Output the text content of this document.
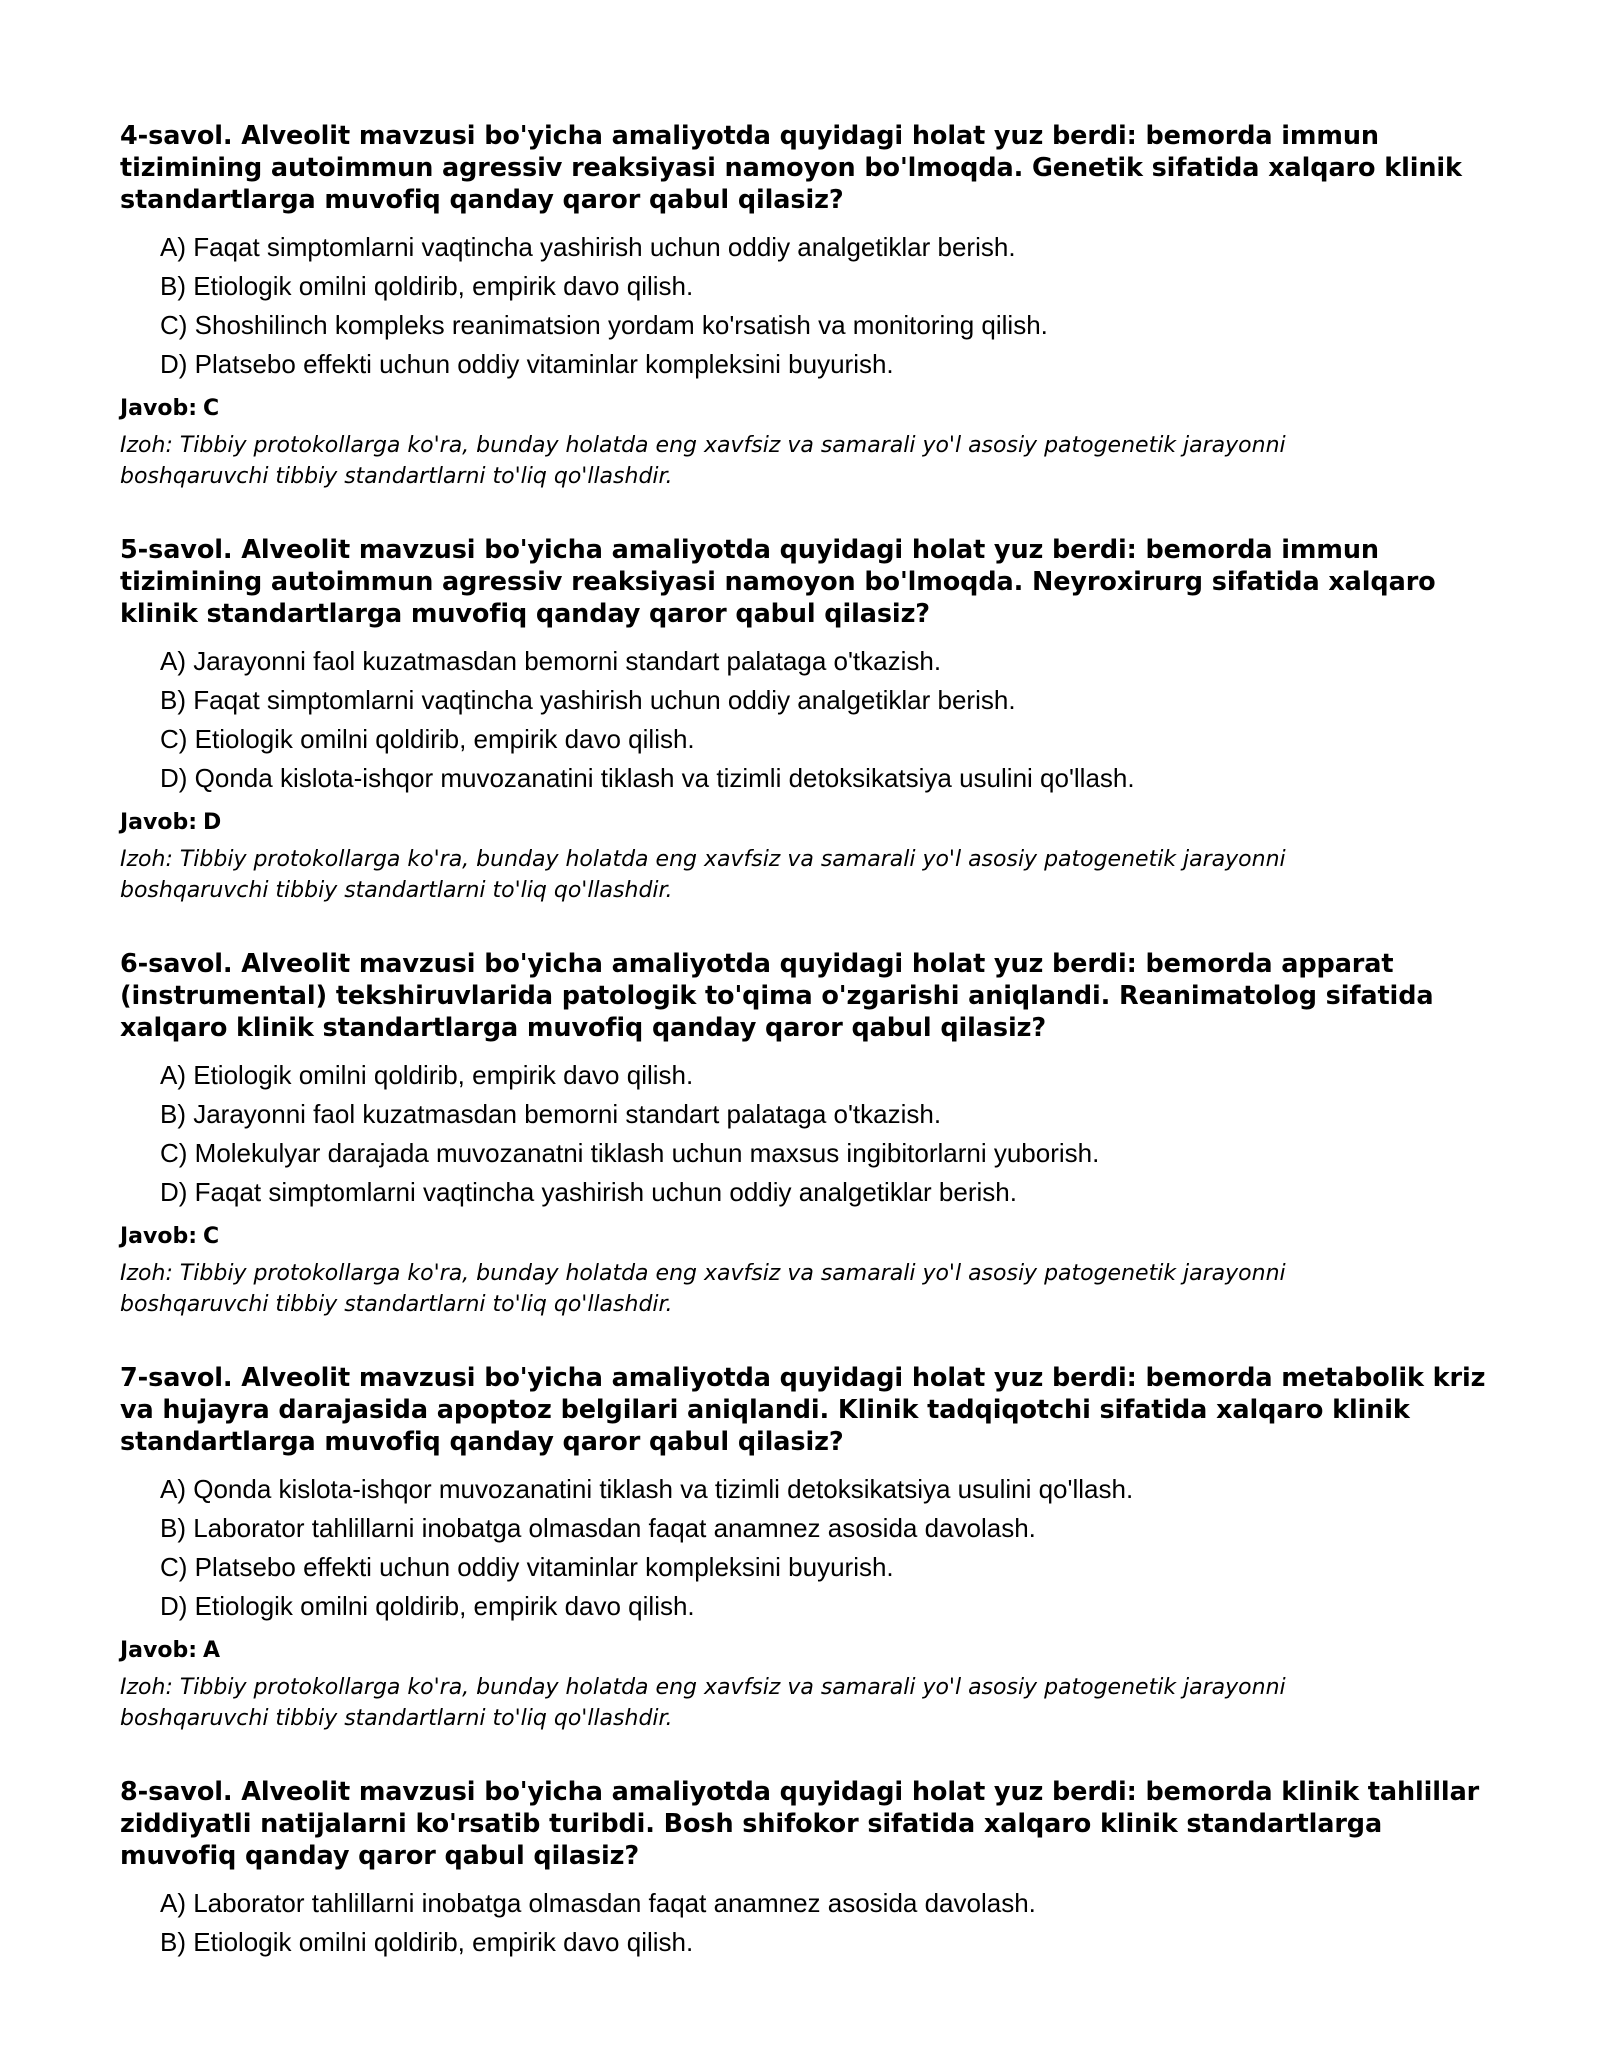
4-savol. Alveolit mavzusi bo'yicha amaliyotda quyidagi holat yuz berdi: bemorda immun tizimining autoimmun agressiv reaksiyasi namoyon bo'lmoqda. Genetik sifatida xalqaro klinik standartlarga muvofiq qanday qaror qabul qilasiz?
A) Faqat simptomlarni vaqtincha yashirish uchun oddiy analgetiklar berish.
B) Etiologik omilni qoldirib, empirik davo qilish.
C) Shoshilinch kompleks reanimatsion yordam ko'rsatish va monitoring qilish.
D) Platsebo effekti uchun oddiy vitaminlar kompleksini buyurish.
Javob: C
Izoh: Tibbiy protokollarga ko'ra, bunday holatda eng xavfsiz va samarali yo'l asosiy patogenetik jarayonni boshqaruvchi tibbiy standartlarni to'liq qo'llashdir.
5-savol. Alveolit mavzusi bo'yicha amaliyotda quyidagi holat yuz berdi: bemorda immun tizimining autoimmun agressiv reaksiyasi namoyon bo'lmoqda. Neyroxirurg sifatida xalqaro klinik standartlarga muvofiq qanday qaror qabul qilasiz?
A) Jarayonni faol kuzatmasdan bemorni standart palataga o'tkazish.
B) Faqat simptomlarni vaqtincha yashirish uchun oddiy analgetiklar berish.
C) Etiologik omilni qoldirib, empirik davo qilish.
D) Qonda kislota-ishqor muvozanatini tiklash va tizimli detoksikatsiya usulini qo'llash.
Javob: D
Izoh: Tibbiy protokollarga ko'ra, bunday holatda eng xavfsiz va samarali yo'l asosiy patogenetik jarayonni boshqaruvchi tibbiy standartlarni to'liq qo'llashdir.
6-savol. Alveolit mavzusi bo'yicha amaliyotda quyidagi holat yuz berdi: bemorda apparat (instrumental) tekshiruvlarida patologik to'qima o'zgarishi aniqlandi. Reanimatolog sifatida xalqaro klinik standartlarga muvofiq qanday qaror qabul qilasiz?
A) Etiologik omilni qoldirib, empirik davo qilish.
B) Jarayonni faol kuzatmasdan bemorni standart palataga o'tkazish.
C) Molekulyar darajada muvozanatni tiklash uchun maxsus ingibitorlarni yuborish.
D) Faqat simptomlarni vaqtincha yashirish uchun oddiy analgetiklar berish.
Javob: C
Izoh: Tibbiy protokollarga ko'ra, bunday holatda eng xavfsiz va samarali yo'l asosiy patogenetik jarayonni boshqaruvchi tibbiy standartlarni to'liq qo'llashdir.
7-savol. Alveolit mavzusi bo'yicha amaliyotda quyidagi holat yuz berdi: bemorda metabolik kriz va hujayra darajasida apoptoz belgilari aniqlandi. Klinik tadqiqotchi sifatida xalqaro klinik standartlarga muvofiq qanday qaror qabul qilasiz?
A) Qonda kislota-ishqor muvozanatini tiklash va tizimli detoksikatsiya usulini qo'llash.
B) Laborator tahlillarni inobatga olmasdan faqat anamnez asosida davolash.
C) Platsebo effekti uchun oddiy vitaminlar kompleksini buyurish.
D) Etiologik omilni qoldirib, empirik davo qilish.
Javob: A
Izoh: Tibbiy protokollarga ko'ra, bunday holatda eng xavfsiz va samarali yo'l asosiy patogenetik jarayonni boshqaruvchi tibbiy standartlarni to'liq qo'llashdir.
8-savol. Alveolit mavzusi bo'yicha amaliyotda quyidagi holat yuz berdi: bemorda klinik tahlillar ziddiyatli natijalarni ko'rsatib turibdi. Bosh shifokor sifatida xalqaro klinik standartlarga muvofiq qanday qaror qabul qilasiz?
A) Laborator tahlillarni inobatga olmasdan faqat anamnez asosida davolash.
B) Etiologik omilni qoldirib, empirik davo qilish.
